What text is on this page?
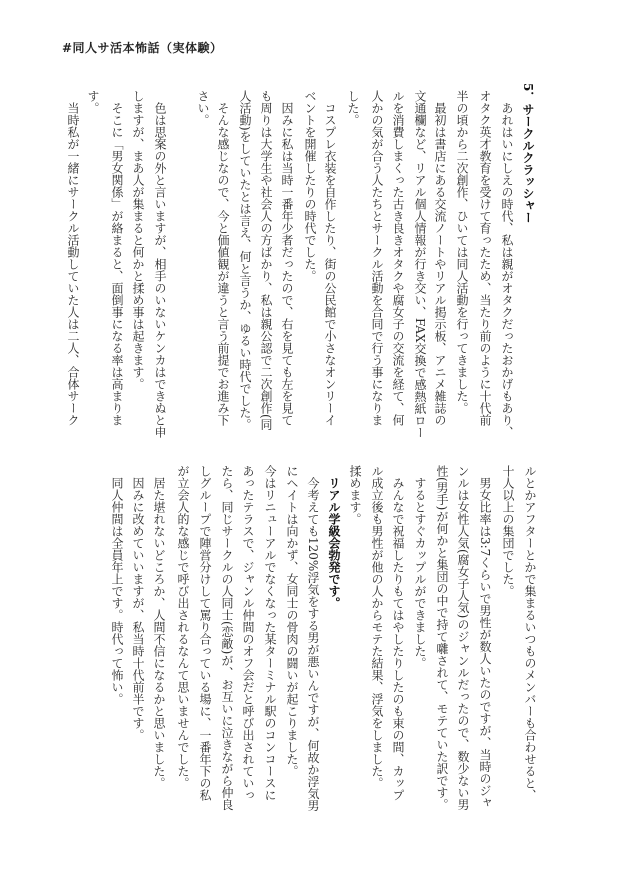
#同人サ活本怖話（実体験）
5．サークルクラッシャー
　あれはいにしえの時代、私は親がオタクだったおかげもあり、
オタク英才教育を受けて育ったため、当たり前のように十代前
半の頃から二次創作、ひいては同人活動を行ってきました。
　最初は書店にある交流ノートやリアル掲示板、アニメ雑誌の
文通欄など、リアル個人情報が行き交い、FAX交換で感熱紙ロー
ルを消費しまくった古き良きオタクや腐女子の交流を経て、何
人かの気が合う人たちとサークル活動を合同で行う事になりま
した。
　コスプレ衣装を自作したり、街の公民館で小さなオンリーイ
ベントを開催したりの時代でした。
　因みに私は当時一番年少者だったので、右を見ても左を見て
も周りは大学生や社会人の方ばかり、私は親公認で二次創作(同
人活動)をしていたとは言え、何と言うか、ゆるい時代でした。
　そんな感じなので、今と価値観が違うと言う前提でお進み下
さい。
　色は思案の外と言いますが、相手のいないケンカはできぬと申
しますが、まあ人が集まると何かと揉め事は起きます。
　そこに「男女関係」が絡まると、面倒事になる率は高まりま
す。
　当時私が一緒にサークル活動していた人は二人、合体サーク
ルとかアフターとかで集まるいつものメンバーも合わせると、
十人以上の集団でした。
　男女比率は3:7くらいで男性が数人いたのですが、当時のジャ
ンルは女性人気(腐女子人気)のジャンルだったので、数少ない男
性(男手)が何かと集団の中で持て囃されて、モテていた訳です。
　するとすぐカップルができました。
　みんなで祝福したりもてはやしたりしたのも束の間、カップ
ル成立後も男性が他の人からモテた結果、浮気をしました。
揉めます。
　リアル学級会勃発です。
　今考えても120%浮気をする男が悪いんですが、何故か浮気男
にヘイトは向かず、女同士の骨肉の闘いが起こりました。
今はリニューアルでなくなった某ターミナル駅のコンコースに
あったテラスで、ジャンル仲間のオフ会だと呼び出されていっ
たら、同じサークルの人同士(恋敵)が、お互いに泣きながら仲良
しグループで陣営分けして罵り合っている場に、一番年下の私
が立会人的な感じで呼び出されるなんて思いませんでした。
　居た堪れないどころか、人間不信になるかと思いました。
　因みに改めていいますが、私当時十代前半です。
　同人仲間は全員年上です。時代って怖い。
